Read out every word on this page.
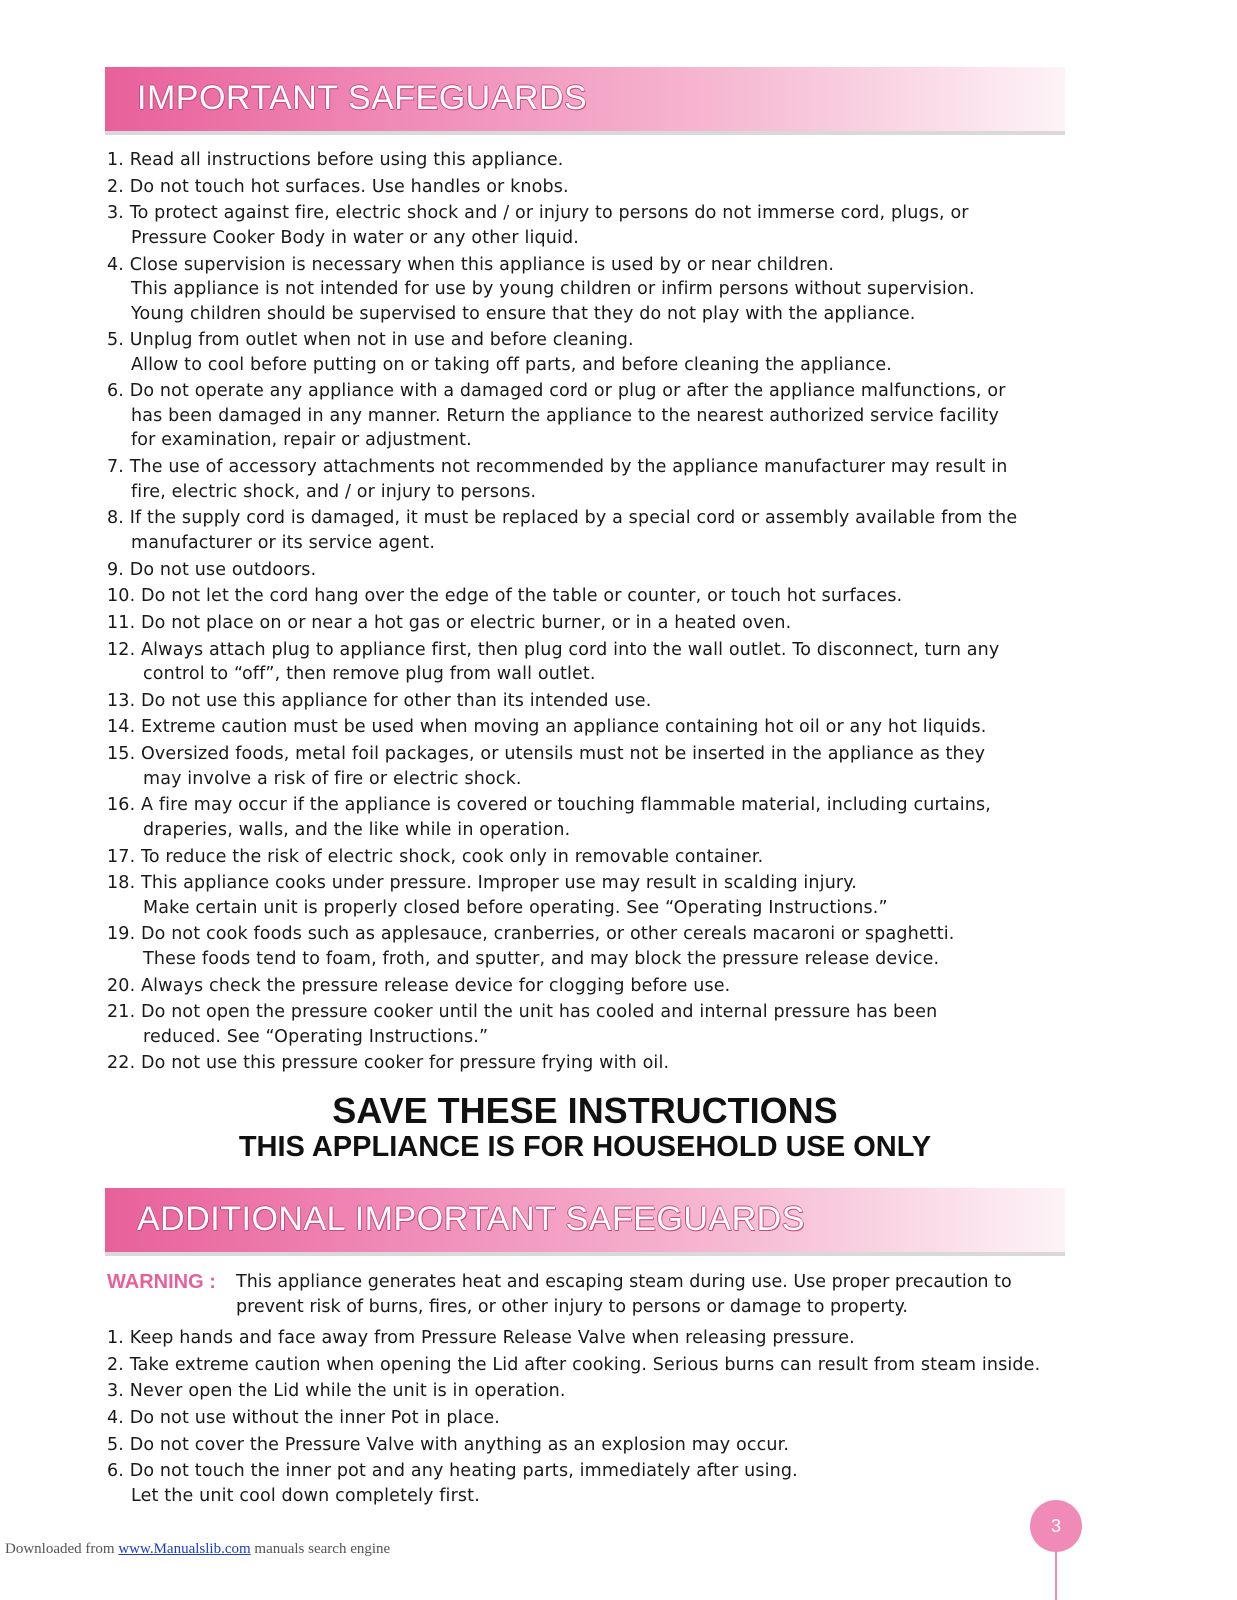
IMPORTANT SAFEGUARDS
1. Read all instructions before using this appliance.
2. Do not touch hot surfaces. Use handles or knobs.
3. To protect against fire, electric shock and / or injury to persons do not immerse cord, plugs, or
Pressure Cooker Body in water or any other liquid.
4. Close supervision is necessary when this appliance is used by or near children.
This appliance is not intended for use by young children or infirm persons without supervision.
Young children should be supervised to ensure that they do not play with the appliance.
5. Unplug from outlet when not in use and before cleaning.
Allow to cool before putting on or taking off parts, and before cleaning the appliance.
6. Do not operate any appliance with a damaged cord or plug or after the appliance malfunctions, or
has been damaged in any manner. Return the appliance to the nearest authorized service facility
for examination, repair or adjustment.
7. The use of accessory attachments not recommended by the appliance manufacturer may result in
fire, electric shock, and / or injury to persons.
8. If the supply cord is damaged, it must be replaced by a special cord or assembly available from the
manufacturer or its service agent.
9. Do not use outdoors.
10. Do not let the cord hang over the edge of the table or counter, or touch hot surfaces.
11. Do not place on or near a hot gas or electric burner, or in a heated oven.
12. Always attach plug to appliance first, then plug cord into the wall outlet. To disconnect, turn any
control to “off”, then remove plug from wall outlet.
13. Do not use this appliance for other than its intended use.
14. Extreme caution must be used when moving an appliance containing hot oil or any hot liquids.
15. Oversized foods, metal foil packages, or utensils must not be inserted in the appliance as they
may involve a risk of fire or electric shock.
16. A fire may occur if the appliance is covered or touching flammable material, including curtains,
draperies, walls, and the like while in operation.
17. To reduce the risk of electric shock, cook only in removable container.
18. This appliance cooks under pressure. Improper use may result in scalding injury.
Make certain unit is properly closed before operating. See “Operating Instructions.”
19. Do not cook foods such as applesauce, cranberries, or other cereals macaroni or spaghetti.
These foods tend to foam, froth, and sputter, and may block the pressure release device.
20. Always check the pressure release device for clogging before use.
21. Do not open the pressure cooker until the unit has cooled and internal pressure has been
reduced. See “Operating Instructions.”
22. Do not use this pressure cooker for pressure frying with oil.
SAVE THESE INSTRUCTIONS
THIS APPLIANCE IS FOR HOUSEHOLD USE ONLY
ADDITIONAL IMPORTANT SAFEGUARDS
WARNING : This appliance generates heat and escaping steam during use. Use proper precaution to
prevent risk of burns, fires, or other injury to persons or damage to property.
1. Keep hands and face away from Pressure Release Valve when releasing pressure.
2. Take extreme caution when opening the Lid after cooking. Serious burns can result from steam inside.
3. Never open the Lid while the unit is in operation.
4. Do not use without the inner Pot in place.
5. Do not cover the Pressure Valve with anything as an explosion may occur.
6. Do not touch the inner pot and any heating parts, immediately after using.
Let the unit cool down completely first.
3
Downloaded from www.Manualslib.com manuals search engine
